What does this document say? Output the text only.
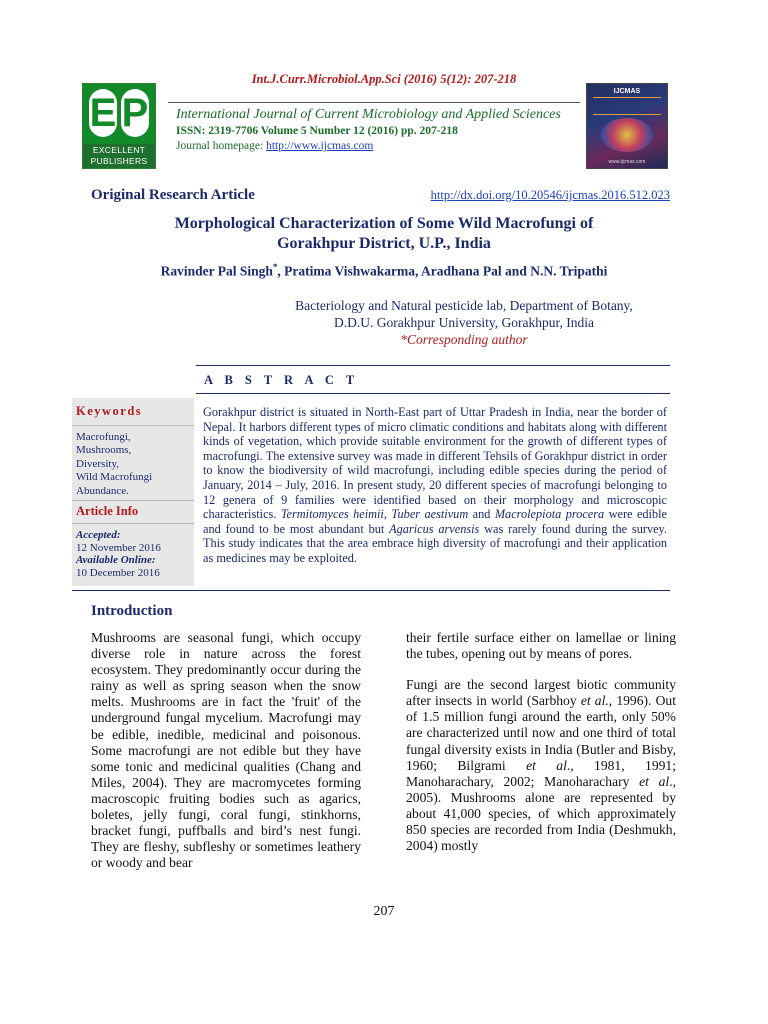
Int.J.Curr.Microbiol.App.Sci (2016) 5(12): 207-218
E P
EXCELLENT
PUBLISHERS
International Journal of Current Microbiology and Applied Sciences
ISSN: 2319-7706 Volume 5 Number 12 (2016) pp. 207-218
Journal homepage: http://www.ijcmas.com
IJCMAS
www.ijcmas.com
Original Research Article	http://dx.doi.org/10.20546/ijcmas.2016.512.023
Morphological Characterization of Some Wild Macrofungi of
Gorakhpur District, U.P., India
Ravinder Pal Singh*, Pratima Vishwakarma, Aradhana Pal and N.N. Tripathi
Bacteriology and Natural pesticide lab, Department of Botany,
D.D.U. Gorakhpur University, Gorakhpur, India
*Corresponding author
A B S T R A C T
Keywords
Macrofungi,
Mushrooms,
Diversity,
Wild Macrofungi
Abundance.
Article Info
Accepted:
12 November 2016
Available Online:
10 December 2016
Gorakhpur district is situated in North-East part of Uttar Pradesh in India, near the border of Nepal. It harbors different types of micro climatic conditions and habitats along with different kinds of vegetation, which provide suitable environment for the growth of different types of macrofungi. The extensive survey was made in different Tehsils of Gorakhpur district in order to know the biodiversity of wild macrofungi, including edible species during the period of January, 2014 – July, 2016. In present study, 20 different species of macrofungi belonging to 12 genera of 9 families were identified based on their morphology and microscopic characteristics. Termitomyces heimii, Tuber aestivum and Macrolepiota procera were edible and found to be most abundant but Agaricus arvensis was rarely found during the survey. This study indicates that the area embrace high diversity of macrofungi and their application as medicines may be exploited.
Introduction

Mushrooms are seasonal fungi, which occupy diverse role in nature across the forest ecosystem. They predominantly occur during the rainy as well as spring season when the snow melts. Mushrooms are in fact the 'fruit' of the underground fungal mycelium. Macrofungi may be edible, inedible, medicinal and poisonous. Some macrofungi are not edible but they have some tonic and medicinal qualities (Chang and Miles, 2004). They are macromycetes forming macroscopic fruiting bodies such as agarics, boletes, jelly fungi, coral fungi, stinkhorns, bracket fungi, puffballs and bird’s nest fungi. They are fleshy, subfleshy or sometimes leathery or woody and bear

their fertile surface either on lamellae or lining the tubes, opening out by means of pores.

Fungi are the second largest biotic community after insects in world (Sarbhoy et al., 1996). Out of 1.5 million fungi around the earth, only 50% are characterized until now and one third of total fungal diversity exists in India (Butler and Bisby, 1960; Bilgrami et al., 1981, 1991; Manoharachary, 2002; Manoharachary et al., 2005). Mushrooms alone are represented by about 41,000 species, of which approximately 850 species are recorded from India (Deshmukh, 2004) mostly

207
